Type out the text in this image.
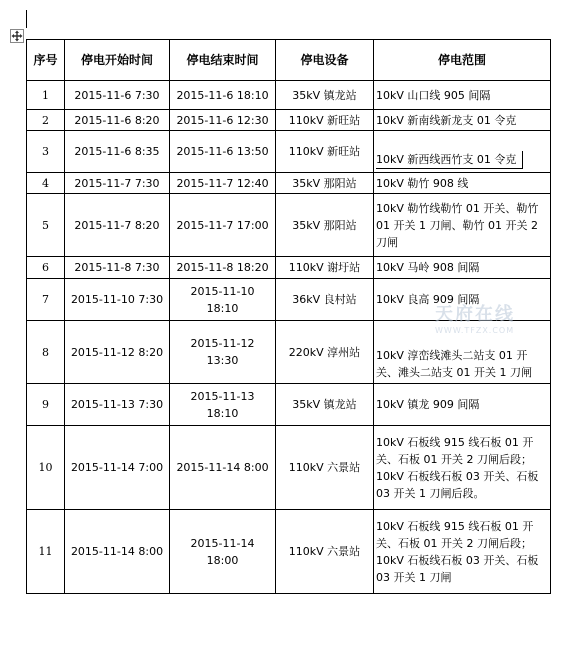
序号	停电开始时间	停电结束时间	停电设备	停电范围
1	2015-11-6 7:30	2015-11-6 18:10	35kV 镇龙站	10kV 山口线 905 间隔
2	2015-11-6 8:20	2015-11-6 12:30	110kV 新旺站	10kV 新南线新龙支 01 令克
3	2015-11-6 8:35	2015-11-6 13:50	110kV 新旺站	10kV 新西线西竹支 01 令克
4	2015-11-7 7:30	2015-11-7 12:40	35kV 那阳站	10kV 勒竹 908 线
5	2015-11-7 8:20	2015-11-7 17:00	35kV 那阳站	10kV 勒竹线勒竹 01 开关、勒竹 01 开关 1 刀闸、勒竹 01 开关 2 刀闸
6	2015-11-8 7:30	2015-11-8 18:20	110kV 谢圩站	10kV 马岭 908 间隔
7	2015-11-10 7:30	2015-11-10 18:10	36kV 良村站	10kV 良高 909 间隔
8	2015-11-12 8:20	2015-11-12 13:30	220kV 淳州站	10kV 淳峦线滩头二站支 01 开关、滩头二站支 01 开关 1 刀闸
9	2015-11-13 7:30	2015-11-13 18:10	35kV 镇龙站	10kV 镇龙 909 间隔
10	2015-11-14 7:00	2015-11-14 8:00	110kV 六景站	10kV 石板线 915 线石板 01 开关、石板 01 开关 2 刀闸后段；10kV 石板线石板 03 开关、石板 03 开关 1 刀闸后段。
11	2015-11-14 8:00	2015-11-14 18:00	110kV 六景站	10kV 石板线 915 线石板 01 开关、石板 01 开关 2 刀闸后段；10kV 石板线石板 03 开关、石板 03 开关 1 刀闸
天府在线
WWW.TFZX.COM
